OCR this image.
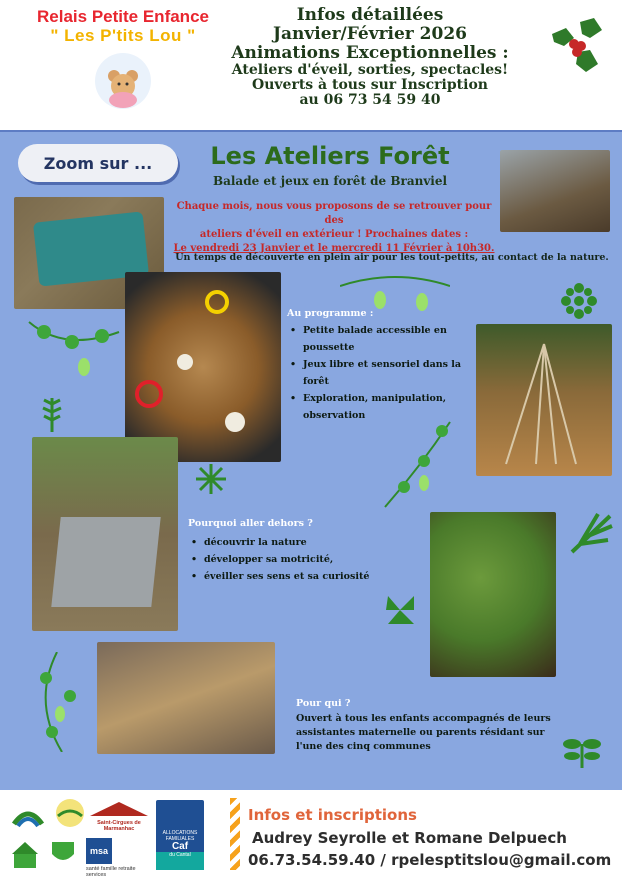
Relais Petite Enfance
" Les P'tits Lou "
Infos détaillées
Janvier/Février 2026
Animations Exceptionnelles :
Ateliers d'éveil, sorties, spectacles!
Ouverts à tous sur Inscription
au 06 73 54 59 40
Zoom sur ...	Les Ateliers Forêt
Balade et jeux en forêt de Branviel
Chaque mois, nous vous proposons de se retrouver pour des
ateliers d'éveil en extérieur ! Prochaines dates :
Le vendredi 23 Janvier et le mercredi 11 Février à 10h30.
Un temps de découverte en plein air pour les tout-petits, au contact de la nature.
Au programme :
• Petite balade accessible en poussette
• Jeux libre et sensoriel dans la forêt
• Exploration, manipulation, observation
Pourquoi aller dehors ?
• découvrir la nature
• développer sa motricité,
• éveiller ses sens et sa curiosité
Pour qui ?
Ouvert à tous les enfants accompagnés de leurs assistantes maternelle ou parents résidant sur l'une des cinq communes
Saint-Cirgues de Marmanhac
msasanté famille retraite services
ALLOCATIONS FAMILIALES
Caf
du Cantal
Infos et inscriptions
Audrey Seyrolle et Romane Delpuech
06.73.54.59.40 / rpelesptitslou@gmail.com
